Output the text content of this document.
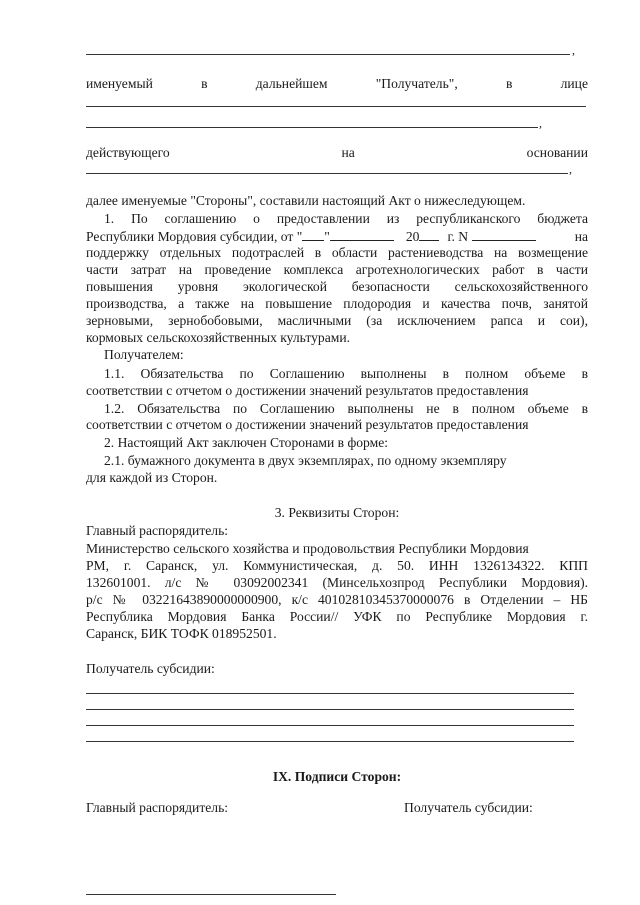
,
именуемый	в	дальнейшем	"Получатель",	в	лице
,
действующего	на	основании
,
далее именуемые "Стороны", составили настоящий Акт о нижеследующем.
1. По соглашению о предоставлении из республиканского бюджета
Республики Мордовия субсидии, от " "	20 г. N	на
поддержку отдельных подотраслей в области растениеводства на возмещение
части затрат на проведение комплекса агротехнологических работ в части
повышения уровня экологической безопасности сельскохозяйственного
производства, а также на повышение плодородия и качества почв, занятой
зерновыми, зернобобовыми, масличными (за исключением рапса и сои),
кормовых сельскохозяйственных культурами.
Получателем:
1.1. Обязательства по Соглашению выполнены в полном объеме в
соответствии с отчетом о достижении значений результатов предоставления
1.2. Обязательства по Соглашению выполнены не в полном объеме в
соответствии с отчетом о достижении значений результатов предоставления
2. Настоящий Акт заключен Сторонами в форме:
2.1. бумажного документа в двух экземплярах, по одному экземпляру
для каждой из Сторон.
3. Реквизиты Сторон:
Главный распорядитель:
Министерство сельского хозяйства и продовольствия Республики Мордовия
РМ, г. Саранск, ул. Коммунистическая, д. 50. ИНН 1326134322. КПП
132601001. л/с № 03092002341 (Минсельхозпрод Республики Мордовия).
р/с № 03221643890000000900, к/с 40102810345370000076 в Отделении – НБ
Республика Мордовия Банка России// УФК по Республике Мордовия г.
Саранск, БИК ТОФК 018952501.
Получатель субсидии:
IX. Подписи Сторон:
Главный распорядитель:	Получатель субсидии:
